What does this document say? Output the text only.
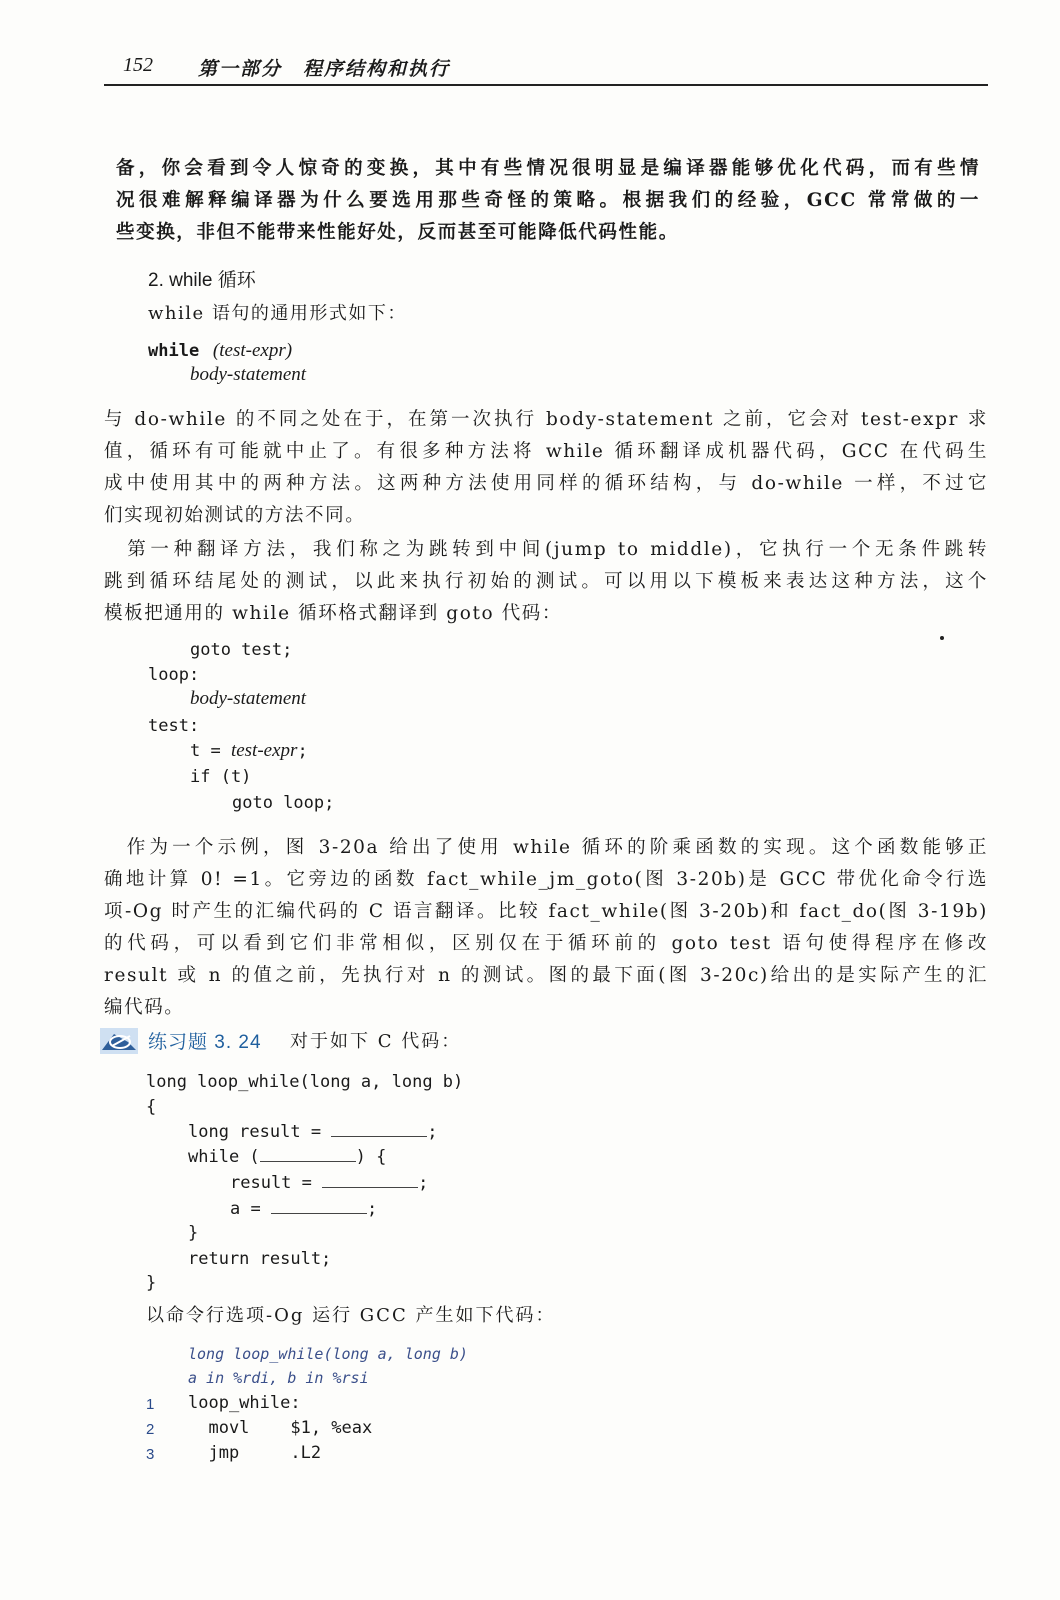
152 第一部分　程序结构和执行
备，你会看到令人惊奇的变换，其中有些情况很明显是编译器能够优化代码，而有些情
况很难解释编译器为什么要选用那些奇怪的策略。根据我们的经验，GCC 常常做的一
些变换，非但不能带来性能好处，反而甚至可能降低代码性能。
2. while 循环
while 语句的通用形式如下：
while (test-expr)
body-statement
与 do-while 的不同之处在于，在第一次执行 body-statement 之前，它会对 test-expr 求
值，循环有可能就中止了。有很多种方法将 while 循环翻译成机器代码，GCC 在代码生
成中使用其中的两种方法。这两种方法使用同样的循环结构，与 do-while 一样，不过它
们实现初始测试的方法不同。
　第一种翻译方法，我们称之为跳转到中间(jump to middle)，它执行一个无条件跳转
跳到循环结尾处的测试，以此来执行初始的测试。可以用以下模板来表达这种方法，这个
模板把通用的 while 循环格式翻译到 goto 代码：
goto test;
loop:
body-statement
test:
t = test-expr;
if (t)
goto loop;
　作为一个示例，图 3-20a 给出了使用 while 循环的阶乘函数的实现。这个函数能够正
确地计算 0! =1。它旁边的函数 fact_while_jm_goto(图 3-20b)是 GCC 带优化命令行选
项-Og 时产生的汇编代码的 C 语言翻译。比较 fact_while(图 3-20b)和 fact_do(图 3-19b)
的代码，可以看到它们非常相似，区别仅在于循环前的 goto test 语句使得程序在修改
result 或 n 的值之前，先执行对 n 的测试。图的最下面(图 3-20c)给出的是实际产生的汇
编代码。
练习题 3. 24 对于如下 C 代码：
long loop_while(long a, long b)
{
long result =	;
while (	) {
result =	;
a =	;
}
return result;
}
以命令行选项-Og 运行 GCC 产生如下代码：
long loop_while(long a, long b)
a in %rdi, b in %rsi
1 loop_while:
2 movl    $1, %eax
3 jmp     .L2
